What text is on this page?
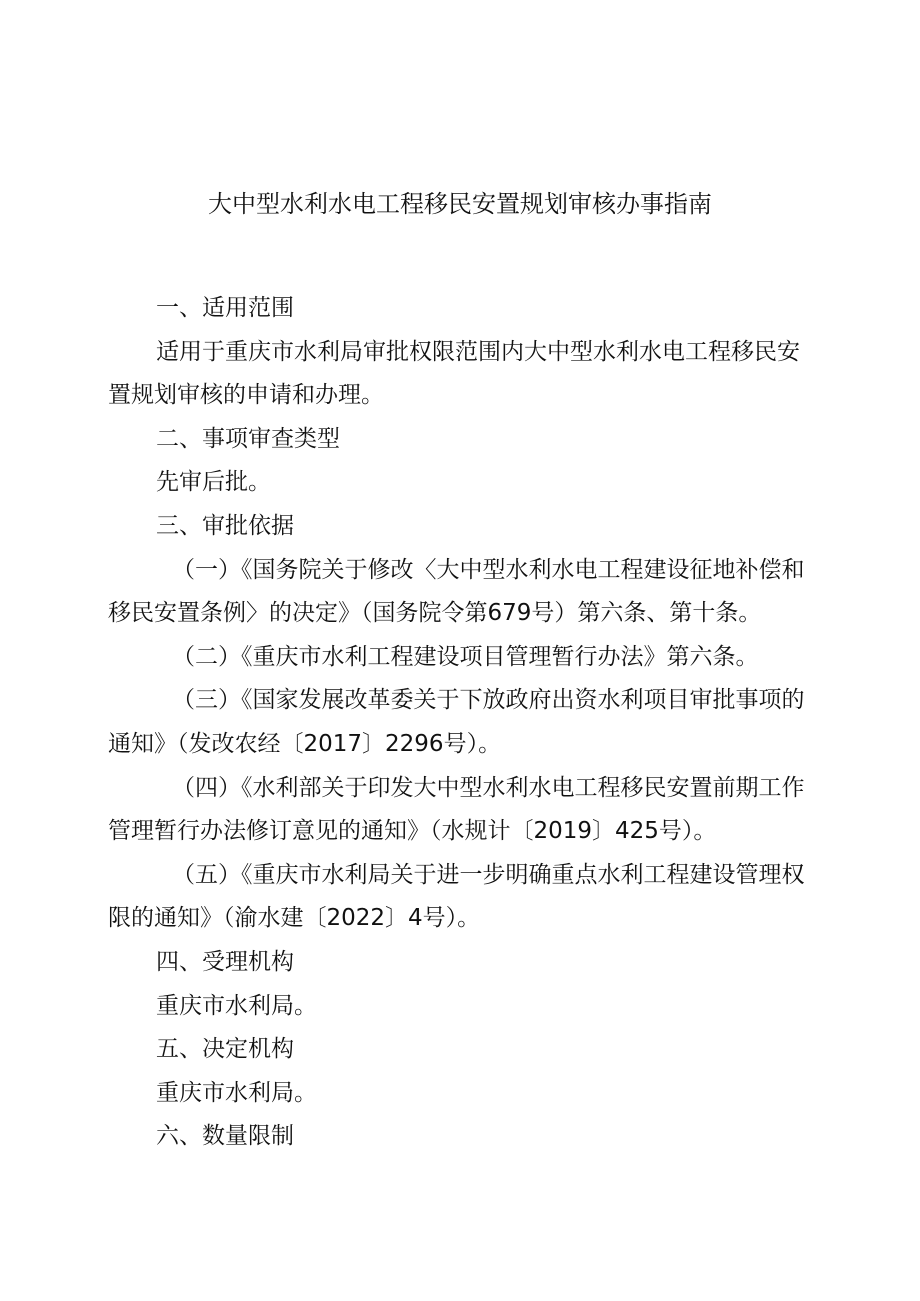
大中型水利水电工程移民安置规划审核办事指南

一、适用范围

适用于重庆市水利局审批权限范围内大中型水利水电工程移民安

置规划审核的申请和办理。

二、事项审查类型

先审后批。

三、审批依据

（一）《国务院关于修改〈大中型水利水电工程建设征地补偿和

移民安置条例〉的决定》（国务院令第679号）第六条、第十条。

（二）《重庆市水利工程建设项目管理暂行办法》第六条。

（三）《国家发展改革委关于下放政府出资水利项目审批事项的

通知》（发改农经〔2017〕2296号）。

（四）《水利部关于印发大中型水利水电工程移民安置前期工作

管理暂行办法修订意见的通知》（水规计〔2019〕425号）。

（五）《重庆市水利局关于进一步明确重点水利工程建设管理权

限的通知》（渝水建〔2022〕4号）。

四、受理机构

重庆市水利局。

五、决定机构

重庆市水利局。

六、数量限制
